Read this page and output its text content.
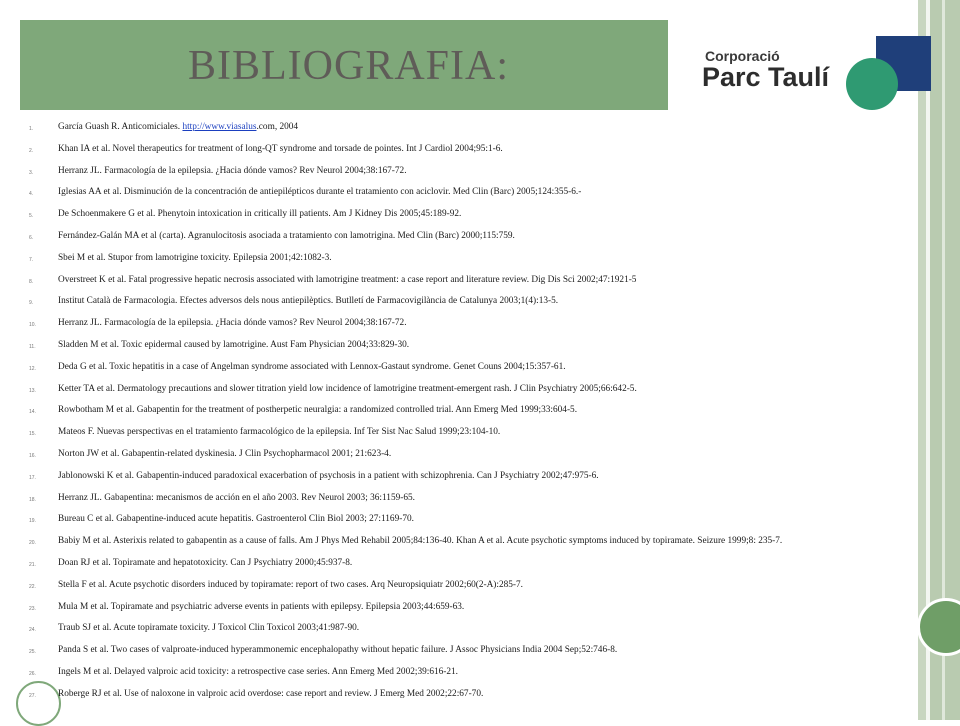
BIBLIOGRAFIA:	Corporació
Parc Taulí
1.	García Guash R. Anticomiciales. http://www.viasalus.com, 2004
2.	Khan IA et al. Novel therapeutics for treatment of long-QT syndrome and torsade de pointes. Int J Cardiol 2004;95:1-6.
3.	Herranz JL. Farmacología de la epilepsia. ¿Hacia dónde vamos? Rev Neurol 2004;38:167-72.
4.	Iglesias AA et al. Disminución de la concentración de antiepilépticos durante el tratamiento con aciclovir. Med Clin (Barc) 2005;124:355-6.-
5.	De Schoenmakere G et al. Phenytoin intoxication in critically ill patients. Am J Kidney Dis 2005;45:189-92.
6.	Fernández-Galán MA et al (carta). Agranulocitosis asociada a tratamiento con lamotrigina. Med Clin (Barc) 2000;115:759.
7.	Sbei M et al. Stupor from lamotrigine toxicity. Epilepsia 2001;42:1082-3.
8.	Overstreet K et al. Fatal progressive hepatic necrosis associated with lamotrigine treatment: a case report and literature review. Dig Dis Sci 2002;47:1921-5
9.	Institut Català de Farmacologia. Efectes adversos dels nous antiepilèptics. Butlletí de Farmacovigilància de Catalunya 2003;1(4):13-5.
10. Herranz JL. Farmacología de la epilepsia. ¿Hacia dónde vamos? Rev Neurol 2004;38:167-72.
11. Sladden M et al. Toxic epidermal caused by lamotrigine. Aust Fam Physician 2004;33:829-30.
12. Deda G et al. Toxic hepatitis in a case of Angelman syndrome associated with Lennox-Gastaut syndrome. Genet Couns 2004;15:357-61.
13. Ketter TA et al. Dermatology precautions and slower titration yield low incidence of lamotrigine treatment-emergent rash. J Clin Psychiatry 2005;66:642-5.
14. Rowbotham M et al. Gabapentin for the treatment of postherpetic neuralgia: a randomized controlled trial. Ann Emerg Med 1999;33:604-5.
15. Mateos F. Nuevas perspectivas en el tratamiento farmacológico de la epilepsia. Inf Ter Sist Nac Salud 1999;23:104-10.
16. Norton JW et al. Gabapentin-related dyskinesia. J Clin Psychopharmacol 2001; 21:623-4.
17. Jablonowski K et al. Gabapentin-induced paradoxical exacerbation of psychosis in a patient with schizophrenia. Can J Psychiatry 2002;47:975-6.
18. Herranz JL. Gabapentina: mecanismos de acción en el año 2003. Rev Neurol 2003; 36:1159-65.
19. Bureau C et al. Gabapentine-induced acute hepatitis. Gastroenterol Clin Biol 2003; 27:1169-70.
20. Babiy M et al. Asterixis related to gabapentin as a cause of falls. Am J Phys Med Rehabil 2005;84:136-40. Khan A et al. Acute psychotic symptoms induced by topiramate. Seizure 1999;8: 235-7.
21. Doan RJ et al. Topiramate and hepatotoxicity. Can J Psychiatry 2000;45:937-8.
22. Stella F et al. Acute psychotic disorders induced by topiramate: report of two cases. Arq Neuropsiquiatr 2002;60(2-A):285-7.
23. Mula M et al. Topiramate and psychiatric adverse events in patients with epilepsy. Epilepsia 2003;44:659-63.
24. Traub SJ et al. Acute topiramate toxicity. J Toxicol Clin Toxicol 2003;41:987-90.
25. Panda S et al. Two cases of valproate-induced hyperammonemic encephalopathy without hepatic failure. J Assoc Physicians India 2004 Sep;52:746-8.
26. Ingels M et al. Delayed valproic acid toxicity: a retrospective case series. Ann Emerg Med 2002;39:616-21.
27. Roberge RJ et al. Use of naloxone in valproic acid overdose: case report and review. J Emerg Med 2002;22:67-70.
